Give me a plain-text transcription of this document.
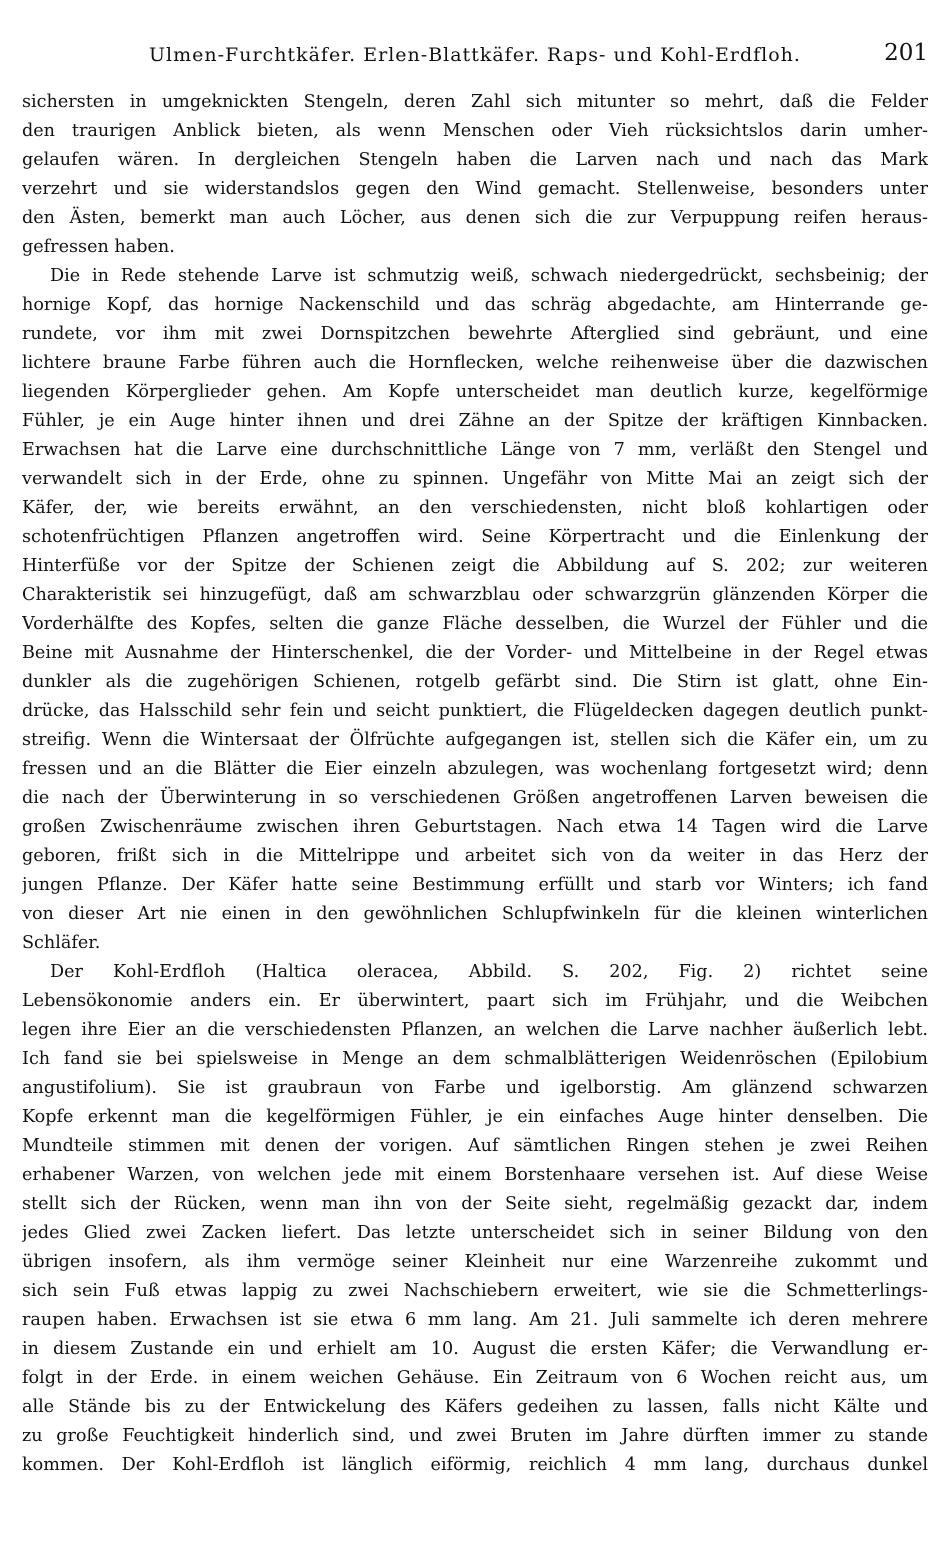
Ulmen-Furchtkäfer. Erlen-Blattkäfer. Raps- und Kohl-Erdfloh.	201
sichersten in umgeknickten Stengeln, deren Zahl sich mitunter so mehrt, daß die Felder
den traurigen Anblick bieten, als wenn Menschen oder Vieh rücksichtslos darin umher-
gelaufen wären. In dergleichen Stengeln haben die Larven nach und nach das Mark
verzehrt und sie widerstandslos gegen den Wind gemacht. Stellenweise, besonders unter
den Ästen, bemerkt man auch Löcher, aus denen sich die zur Verpuppung reifen heraus-
gefressen haben.
Die in Rede stehende Larve ist schmutzig weiß, schwach niedergedrückt, sechsbeinig; der
hornige Kopf, das hornige Nackenschild und das schräg abgedachte, am Hinterrande ge-
rundete, vor ihm mit zwei Dornspitzchen bewehrte Afterglied sind gebräunt, und eine
lichtere braune Farbe führen auch die Hornflecken, welche reihenweise über die dazwischen
liegenden Körperglieder gehen. Am Kopfe unterscheidet man deutlich kurze, kegelförmige
Fühler, je ein Auge hinter ihnen und drei Zähne an der Spitze der kräftigen Kinnbacken.
Erwachsen hat die Larve eine durchschnittliche Länge von 7 mm, verläßt den Stengel und
verwandelt sich in der Erde, ohne zu spinnen. Ungefähr von Mitte Mai an zeigt sich der
Käfer, der, wie bereits erwähnt, an den verschiedensten, nicht bloß kohlartigen oder
schotenfrüchtigen Pflanzen angetroffen wird. Seine Körpertracht und die Einlenkung der
Hinterfüße vor der Spitze der Schienen zeigt die Abbildung auf S. 202; zur weiteren
Charakteristik sei hinzugefügt, daß am schwarzblau oder schwarzgrün glänzenden Körper die
Vorderhälfte des Kopfes, selten die ganze Fläche desselben, die Wurzel der Fühler und die
Beine mit Ausnahme der Hinterschenkel, die der Vorder- und Mittelbeine in der Regel etwas
dunkler als die zugehörigen Schienen, rotgelb gefärbt sind. Die Stirn ist glatt, ohne Ein-
drücke, das Halsschild sehr fein und seicht punktiert, die Flügeldecken dagegen deutlich punkt-
streifig. Wenn die Wintersaat der Ölfrüchte aufgegangen ist, stellen sich die Käfer ein, um zu
fressen und an die Blätter die Eier einzeln abzulegen, was wochenlang fortgesetzt wird; denn
die nach der Überwinterung in so verschiedenen Größen angetroffenen Larven beweisen die
großen Zwischenräume zwischen ihren Geburtstagen. Nach etwa 14 Tagen wird die Larve
geboren, frißt sich in die Mittelrippe und arbeitet sich von da weiter in das Herz der
jungen Pflanze. Der Käfer hatte seine Bestimmung erfüllt und starb vor Winters; ich fand
von dieser Art nie einen in den gewöhnlichen Schlupfwinkeln für die kleinen winterlichen
Schläfer.
Der Kohl-Erdfloh (Haltica oleracea, Abbild. S. 202, Fig. 2) richtet seine
Lebensökonomie anders ein. Er überwintert, paart sich im Frühjahr, und die Weibchen
legen ihre Eier an die verschiedensten Pflanzen, an welchen die Larve nachher äußerlich lebt.
Ich fand sie bei spielsweise in Menge an dem schmalblätterigen Weidenröschen (Epilobium
angustifolium). Sie ist graubraun von Farbe und igelborstig. Am glänzend schwarzen
Kopfe erkennt man die kegelförmigen Fühler, je ein einfaches Auge hinter denselben. Die
Mundteile stimmen mit denen der vorigen. Auf sämtlichen Ringen stehen je zwei Reihen
erhabener Warzen, von welchen jede mit einem Borstenhaare versehen ist. Auf diese Weise
stellt sich der Rücken, wenn man ihn von der Seite sieht, regelmäßig gezackt dar, indem
jedes Glied zwei Zacken liefert. Das letzte unterscheidet sich in seiner Bildung von den
übrigen insofern, als ihm vermöge seiner Kleinheit nur eine Warzenreihe zukommt und
sich sein Fuß etwas lappig zu zwei Nachschiebern erweitert, wie sie die Schmetterlings-
raupen haben. Erwachsen ist sie etwa 6 mm lang. Am 21. Juli sammelte ich deren mehrere
in diesem Zustande ein und erhielt am 10. August die ersten Käfer; die Verwandlung er-
folgt in der Erde. in einem weichen Gehäuse. Ein Zeitraum von 6 Wochen reicht aus, um
alle Stände bis zu der Entwickelung des Käfers gedeihen zu lassen, falls nicht Kälte und
zu große Feuchtigkeit hinderlich sind, und zwei Bruten im Jahre dürften immer zu stande
kommen. Der Kohl-Erdfloh ist länglich eiförmig, reichlich 4 mm lang, durchaus dunkel
